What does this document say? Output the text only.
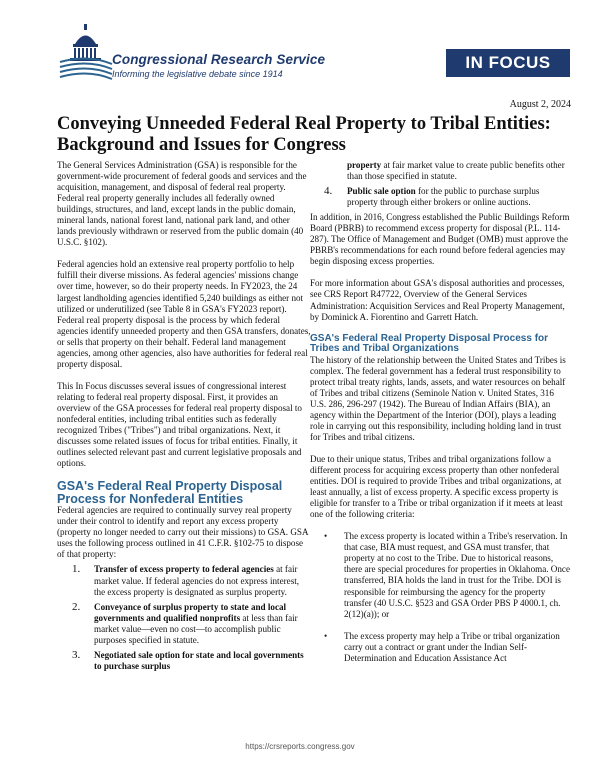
Congressional Research Service
Informing the legislative debate since 1914
IN FOCUS
August 2, 2024
Conveying Unneeded Federal Real Property to Tribal Entities: Background and Issues for Congress

The General Services Administration (GSA) is responsible for the government-wide procurement of federal goods and services and the acquisition, management, and disposal of federal real property. Federal real property generally includes all federally owned buildings, structures, and land, except lands in the public domain, mineral lands, national forest land, national park land, and other lands previously withdrawn or reserved from the public domain (40 U.S.C. §102).

Federal agencies hold an extensive real property portfolio to help fulfill their diverse missions. As federal agencies' missions change over time, however, so do their property needs. In FY2023, the 24 largest landholding agencies identified 5,240 buildings as either not utilized or underutilized (see Table 8 in GSA's FY2023 report). Federal real property disposal is the process by which federal agencies identify unneeded property and then GSA transfers, donates, or sells that property on their behalf. Federal land management agencies, among other agencies, also have authorities for federal real property disposal.

This In Focus discusses several issues of congressional interest relating to federal real property disposal. First, it provides an overview of the GSA processes for federal real property disposal to nonfederal entities, including tribal entities such as federally recognized Tribes ("Tribes") and tribal organizations. Next, it discusses some related issues of focus for tribal entities. Finally, it outlines selected relevant past and current legislative proposals and options.

GSA's Federal Real Property Disposal Process for Nonfederal Entities

Federal agencies are required to continually survey real property under their control to identify and report any excess property (property no longer needed to carry out their missions) to GSA. GSA uses the following process outlined in 41 C.F.R. §102-75 to dispose of that property:

1. Transfer of excess property to federal agencies at fair market value. If federal agencies do not express interest, the excess property is designated as surplus property.
2. Conveyance of surplus property to state and local governments and qualified nonprofits at less than fair market value—even no cost—to accomplish public purposes specified in statute.
3. Negotiated sale option for state and local governments to purchase surplus
property at fair market value to create public benefits other than those specified in statute.
4. Public sale option for the public to purchase surplus property through either brokers or online auctions.

In addition, in 2016, Congress established the Public Buildings Reform Board (PBRB) to recommend excess property for disposal (P.L. 114-287). The Office of Management and Budget (OMB) must approve the PBRB's recommendations for each round before federal agencies may begin disposing excess properties.

For more information about GSA's disposal authorities and processes, see CRS Report R47722, Overview of the General Services Administration: Acquisition Services and Real Property Management, by Dominick A. Fiorentino and Garrett Hatch.

GSA's Federal Real Property Disposal Process for Tribes and Tribal Organizations

The history of the relationship between the United States and Tribes is complex. The federal government has a federal trust responsibility to protect tribal treaty rights, lands, assets, and water resources on behalf of Tribes and tribal citizens (Seminole Nation v. United States, 316 U.S. 286, 296-297 (1942). The Bureau of Indian Affairs (BIA), an agency within the Department of the Interior (DOI), plays a leading role in carrying out this responsibility, including holding land in trust for Tribes and tribal citizens.

Due to their unique status, Tribes and tribal organizations follow a different process for acquiring excess property than other nonfederal entities. DOI is required to provide Tribes and tribal organizations, at least annually, a list of excess property. A specific excess property is eligible for transfer to a Tribe or tribal organization if it meets at least one of the following criteria:

• The excess property is located within a Tribe's reservation. In that case, BIA must request, and GSA must transfer, that property at no cost to the Tribe. Due to historical reasons, there are special procedures for properties in Oklahoma. Once transferred, BIA holds the land in trust for the Tribe. DOI is responsible for reimbursing the agency for the property transfer (40 U.S.C. §523 and GSA Order PBS P 4000.1, ch. 2(12)(a)); or
• The excess property may help a Tribe or tribal organization carry out a contract or grant under the Indian Self-Determination and Education Assistance Act
https://crsreports.congress.gov
